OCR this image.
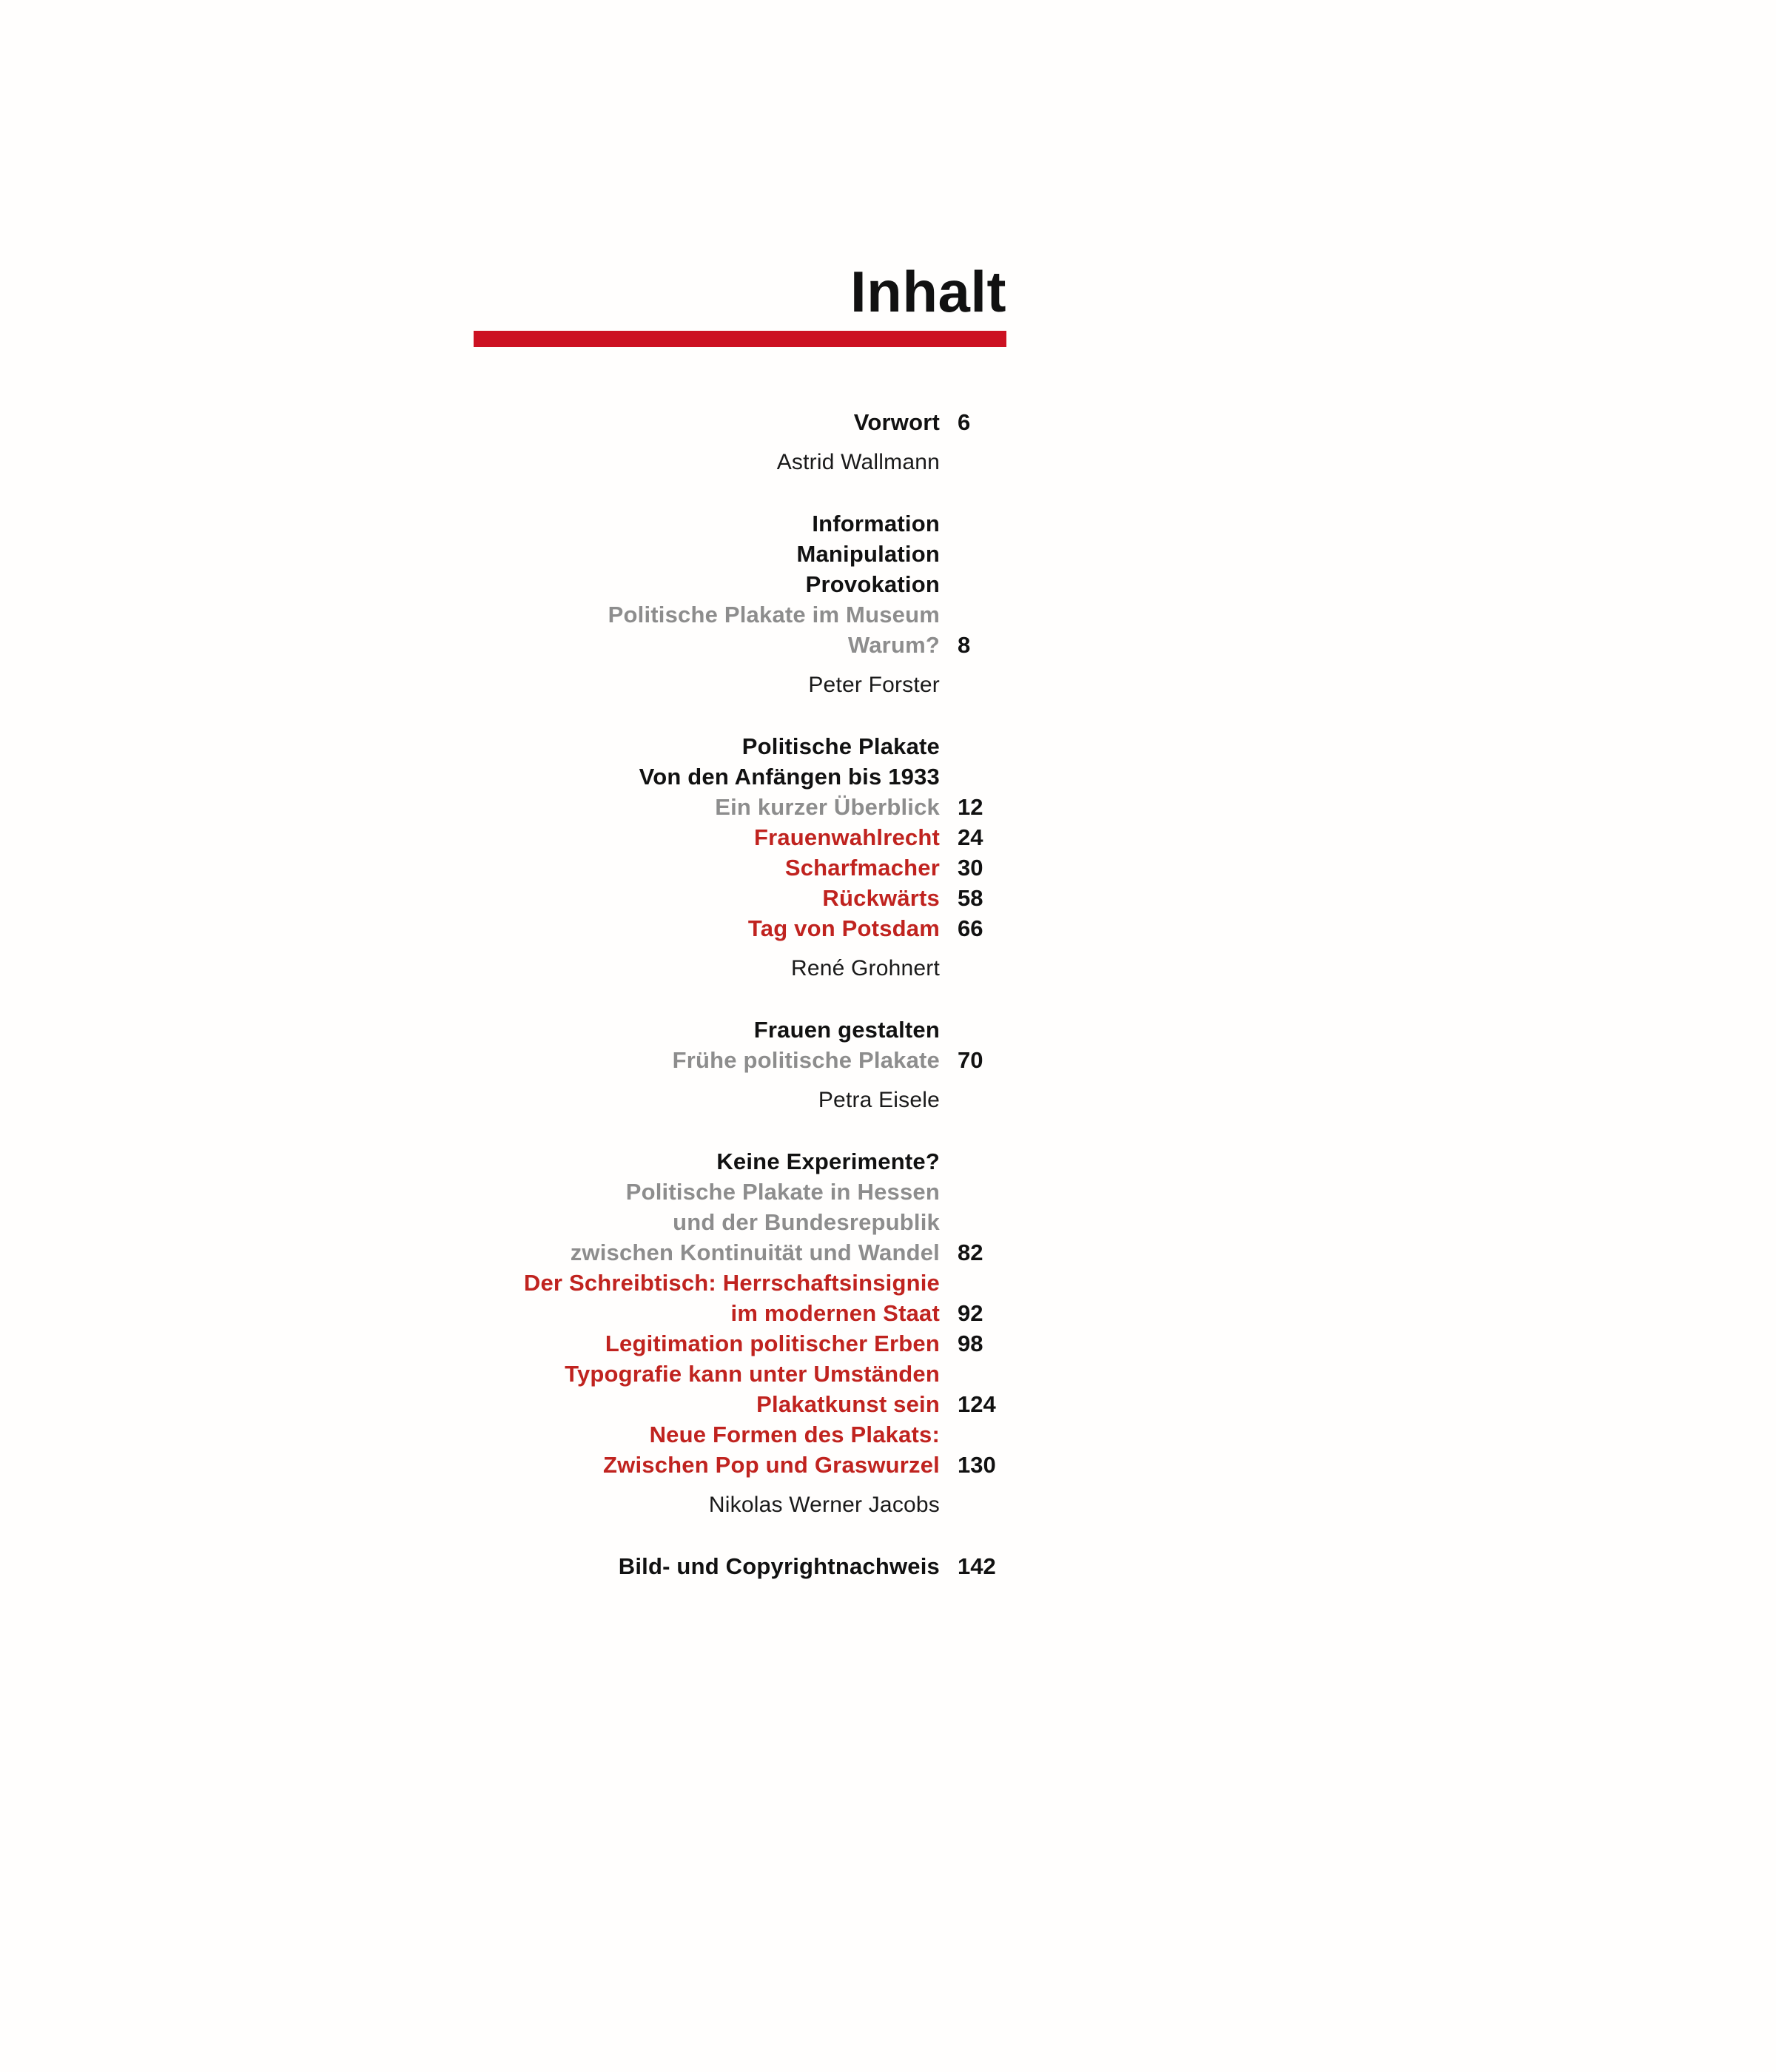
Inhalt
Vorwort 6
Astrid Wallmann
Information
Manipulation
Provokation
Politische Plakate im Museum
Warum? 8
Peter Forster
Politische Plakate
Von den Anfängen bis 1933
Ein kurzer Überblick 12
Frauenwahlrecht 24
Scharfmacher 30
Rückwärts 58
Tag von Potsdam 66
René Grohnert
Frauen gestalten
Frühe politische Plakate 70
Petra Eisele
Keine Experimente?
Politische Plakate in Hessen
und der Bundesrepublik
zwischen Kontinuität und Wandel 82
Der Schreibtisch: Herrschaftsinsignie
im modernen Staat 92
Legitimation politischer Erben 98
Typografie kann unter Umständen
Plakatkunst sein 124
Neue Formen des Plakats:
Zwischen Pop und Graswurzel 130
Nikolas Werner Jacobs
Bild- und Copyrightnachweis 142
